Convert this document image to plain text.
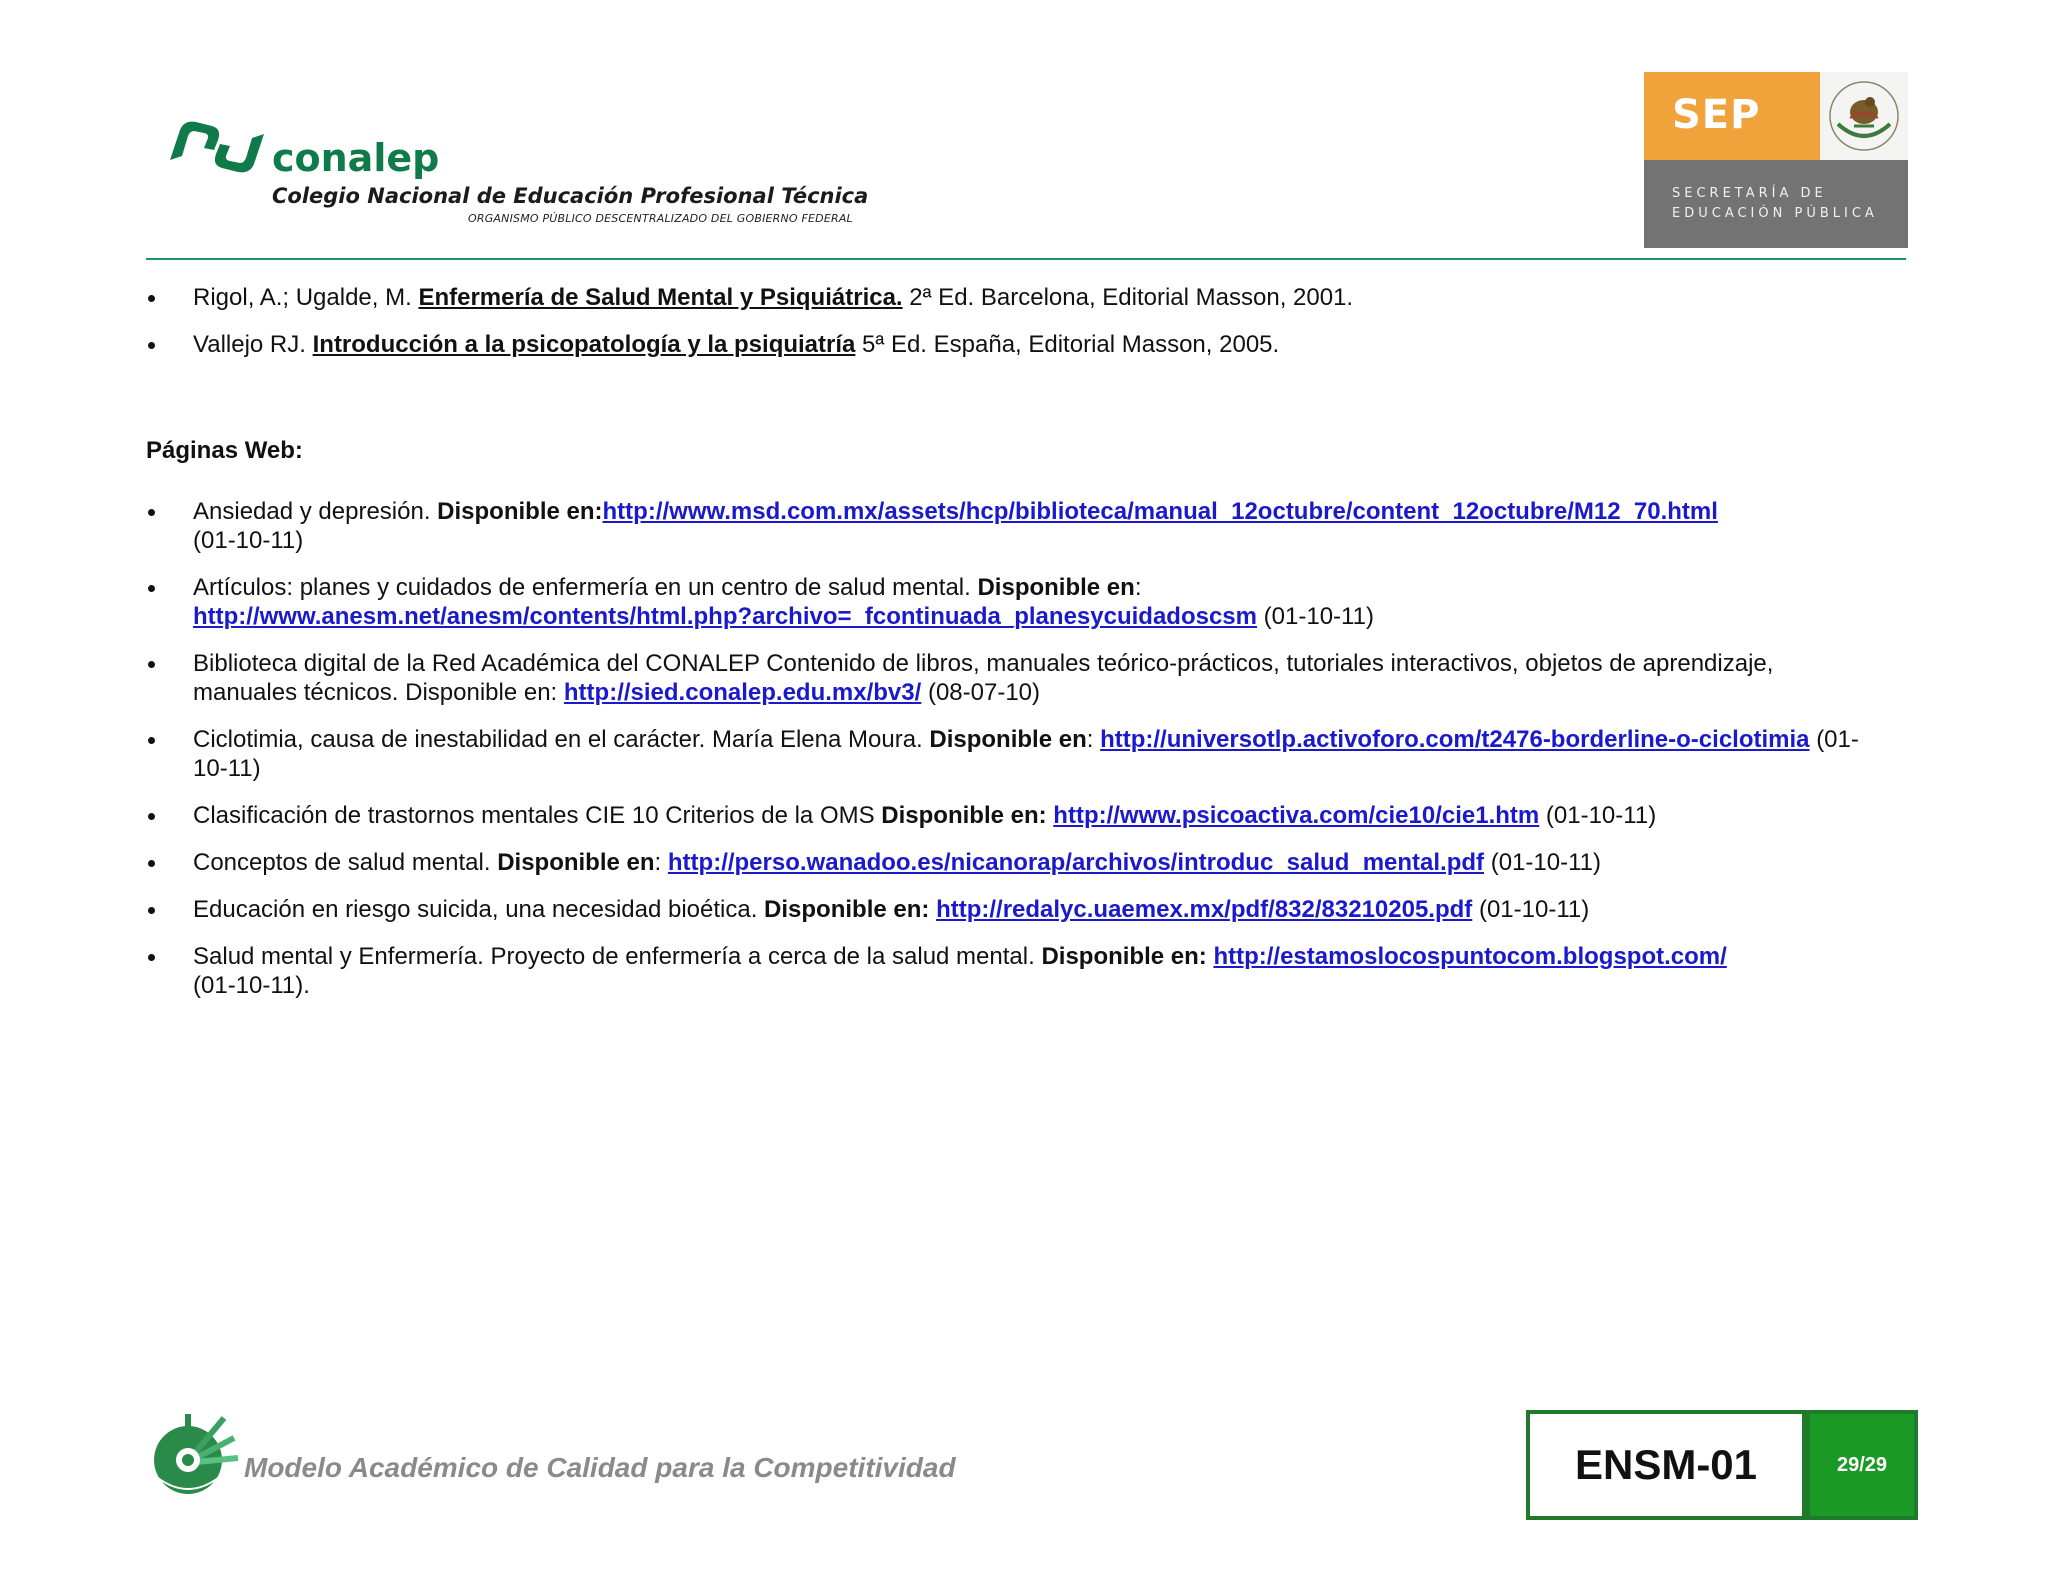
conalep
Colegio Nacional de Educación Profesional Técnica
ORGANISMO PÚBLICO DESCENTRALIZADO DEL GOBIERNO FEDERAL
SEP
SECRETARÍA DE
EDUCACIÓN PÚBLICA
Rigol, A.; Ugalde, M. Enfermería de Salud Mental y Psiquiátrica. 2ª Ed. Barcelona, Editorial Masson, 2001.
Vallejo RJ. Introducción a la psicopatología y la psiquiatría 5ª Ed. España, Editorial Masson, 2005.
Páginas Web:
Ansiedad y depresión. Disponible en:http://www.msd.com.mx/assets/hcp/biblioteca/manual_12octubre/content_12octubre/M12_70.html
(01-10-11)
Artículos: planes y cuidados de enfermería en un centro de salud mental. Disponible en:
http://www.anesm.net/anesm/contents/html.php?archivo=_fcontinuada_planesycuidadoscsm (01-10-11)
Biblioteca digital de la Red Académica del CONALEP Contenido de libros, manuales teórico-prácticos, tutoriales interactivos, objetos de aprendizaje, manuales técnicos. Disponible en: http://sied.conalep.edu.mx/bv3/ (08-07-10)
Ciclotimia, causa de inestabilidad en el carácter. María Elena Moura. Disponible en: http://universotlp.activoforo.com/t2476-borderline-o-ciclotimia (01-10-11)
Clasificación de trastornos mentales CIE 10 Criterios de la OMS Disponible en: http://www.psicoactiva.com/cie10/cie1.htm (01-10-11)
Conceptos de salud mental. Disponible en: http://perso.wanadoo.es/nicanorap/archivos/introduc_salud_mental.pdf (01-10-11)
Educación en riesgo suicida, una necesidad bioética. Disponible en: http://redalyc.uaemex.mx/pdf/832/83210205.pdf (01-10-11)
Salud mental y Enfermería. Proyecto de enfermería a cerca de la salud mental. Disponible en: http://estamoslocospuntocom.blogspot.com/
(01-10-11).
Modelo Académico de Calidad para la Competitividad	ENSM-01	29/29
